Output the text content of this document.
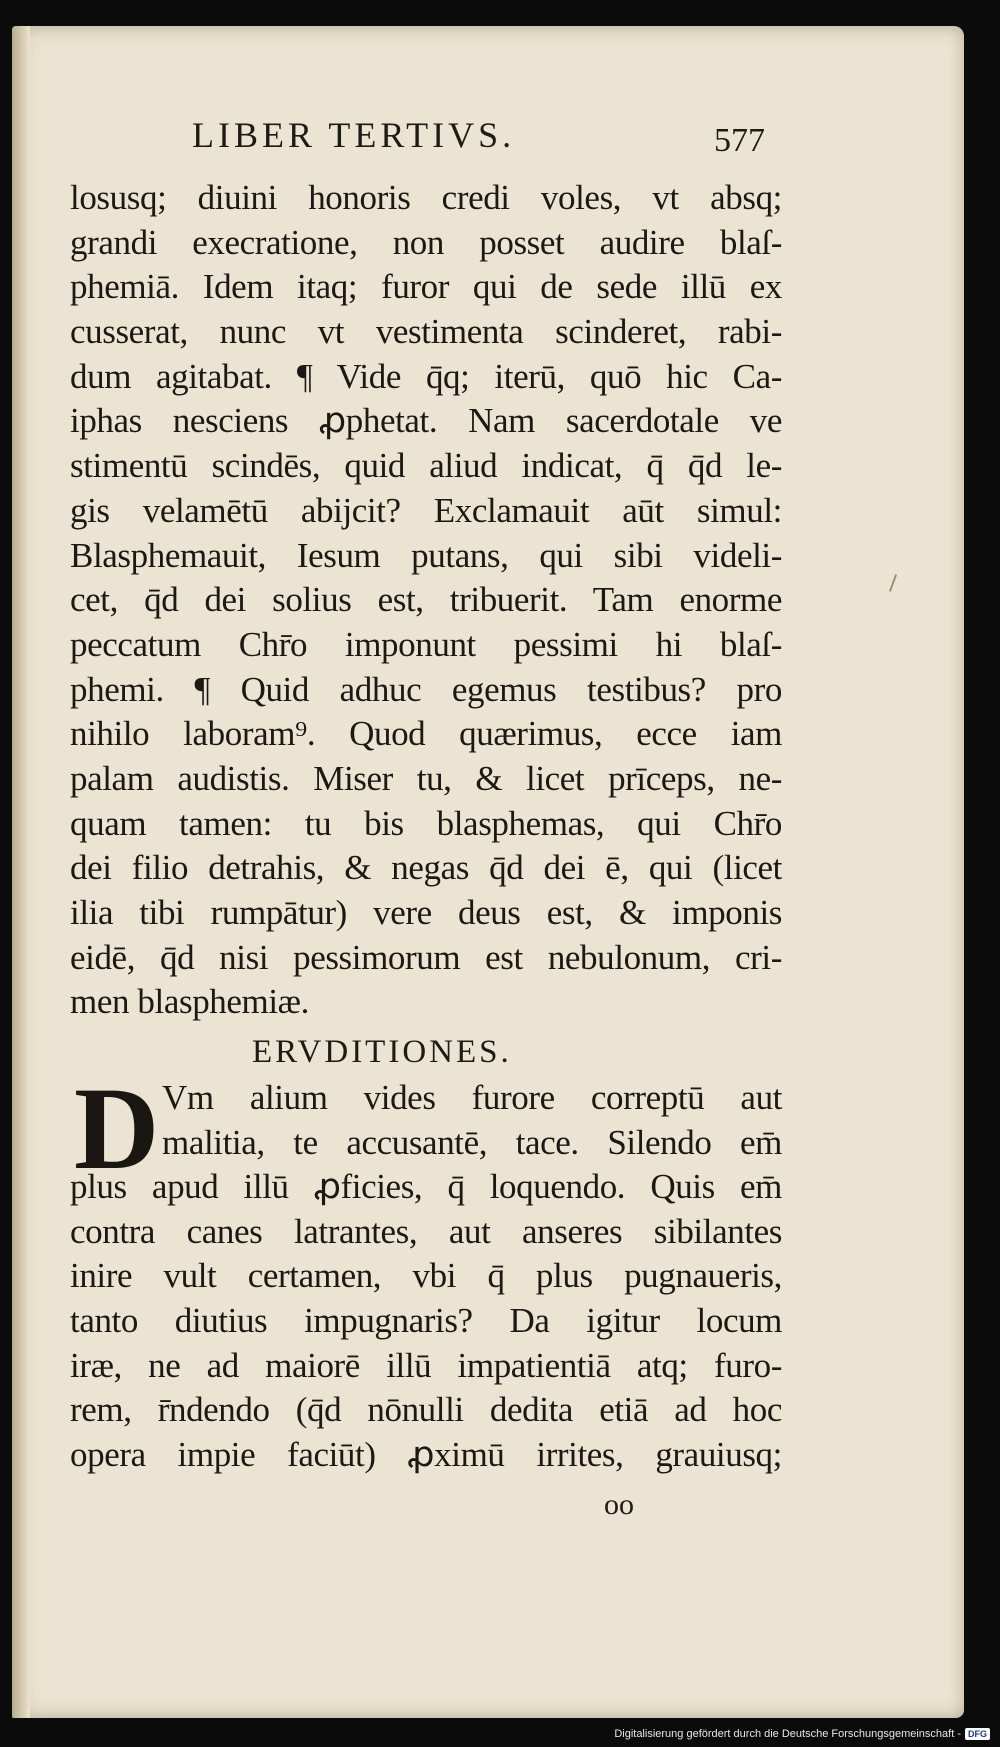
LIBER TERTIVS.	577
losusq; diuini honoris credi voles, vt absq;
grandi execratione, non posset audire blaſ-
phemiā. Idem itaq; furor qui de sede illū ex
cusserat, nunc vt vestimenta scinderet, rabi-
dum agitabat. ¶ Vide q̄q; iterū, quō hic Ca-
iphas nesciens ꝓphetat. Nam sacerdotale ve
stimentū scindēs, quid aliud indicat, q̄ q̄d le-
gis velamētū abijcit? Exclamauit aūt simul:
Blasphemauit, Iesum putans, qui sibi videli-
cet, q̄d dei solius est, tribuerit. Tam enorme
peccatum Chr̄o imponunt pessimi hi blaſ-
phemi. ¶ Quid adhuc egemus testibus? pro
nihilo laboram⁹. Quod quærimus, ecce iam
palam audistis. Miser tu, & licet prīceps, ne-
quam tamen: tu bis blasphemas, qui Chr̄o
dei filio detrahis, & negas q̄d dei ē, qui (licet
ilia tibi rumpātur) vere deus est, & imponis
eidē, q̄d nisi pessimorum est nebulonum, cri-
men blasphemiæ.
ERVDITIONES.
D Vm alium vides furore correptū aut
malitia, te accusantē, tace. Silendo em̄
plus apud illū ꝓficies, q̄ loquendo. Quis em̄
contra canes latrantes, aut anseres sibilantes
inire vult certamen, vbi q̄ plus pugnaueris,
tanto diutius impugnaris? Da igitur locum
iræ, ne ad maiorē illū impatientiā atq; furo-
rem, r̄ndendo (q̄d nōnulli dedita etiā ad hoc
opera impie faciūt) ꝓximū irrites, grauiusq;
oo
Digitalisierung gefördert durch die Deutsche Forschungsgemeinschaft - DFG
